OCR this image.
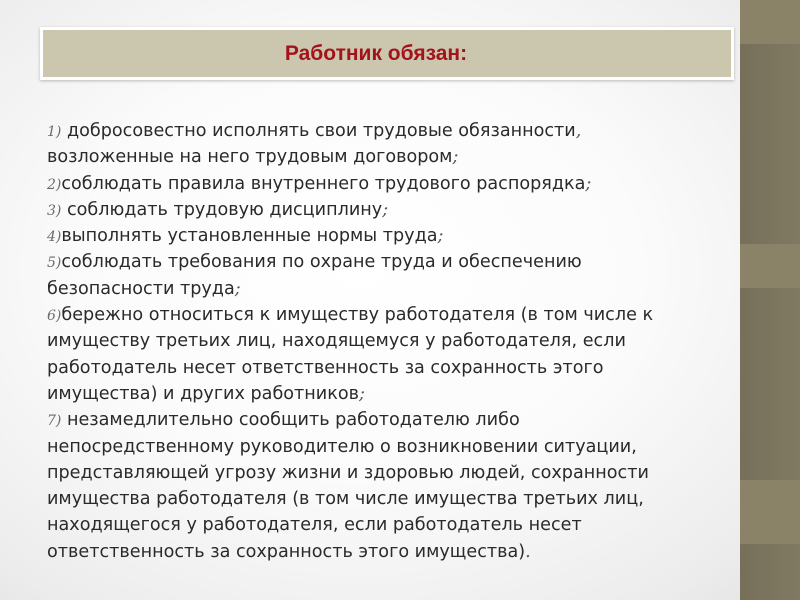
Работник обязан:
1) добросовестно исполнять свои трудовые обязанности,
возложенные на него трудовым договором;
2)соблюдать правила внутреннего трудового распорядка;
3) соблюдать трудовую дисциплину;
4)выполнять установленные нормы труда;
5)соблюдать требования по охране труда и обеспечению
безопасности труда;
6)бережно относиться к имуществу работодателя (в том числе к
имуществу третьих лиц, находящемуся у работодателя, если
работодатель несет ответственность за сохранность этого
имущества) и других работников;
7) незамедлительно сообщить работодателю либо
непосредственному руководителю о возникновении ситуации,
представляющей угрозу жизни и здоровью людей, сохранности
имущества работодателя (в том числе имущества третьих лиц,
находящегося у работодателя, если работодатель несет
ответственность за сохранность этого имущества).
